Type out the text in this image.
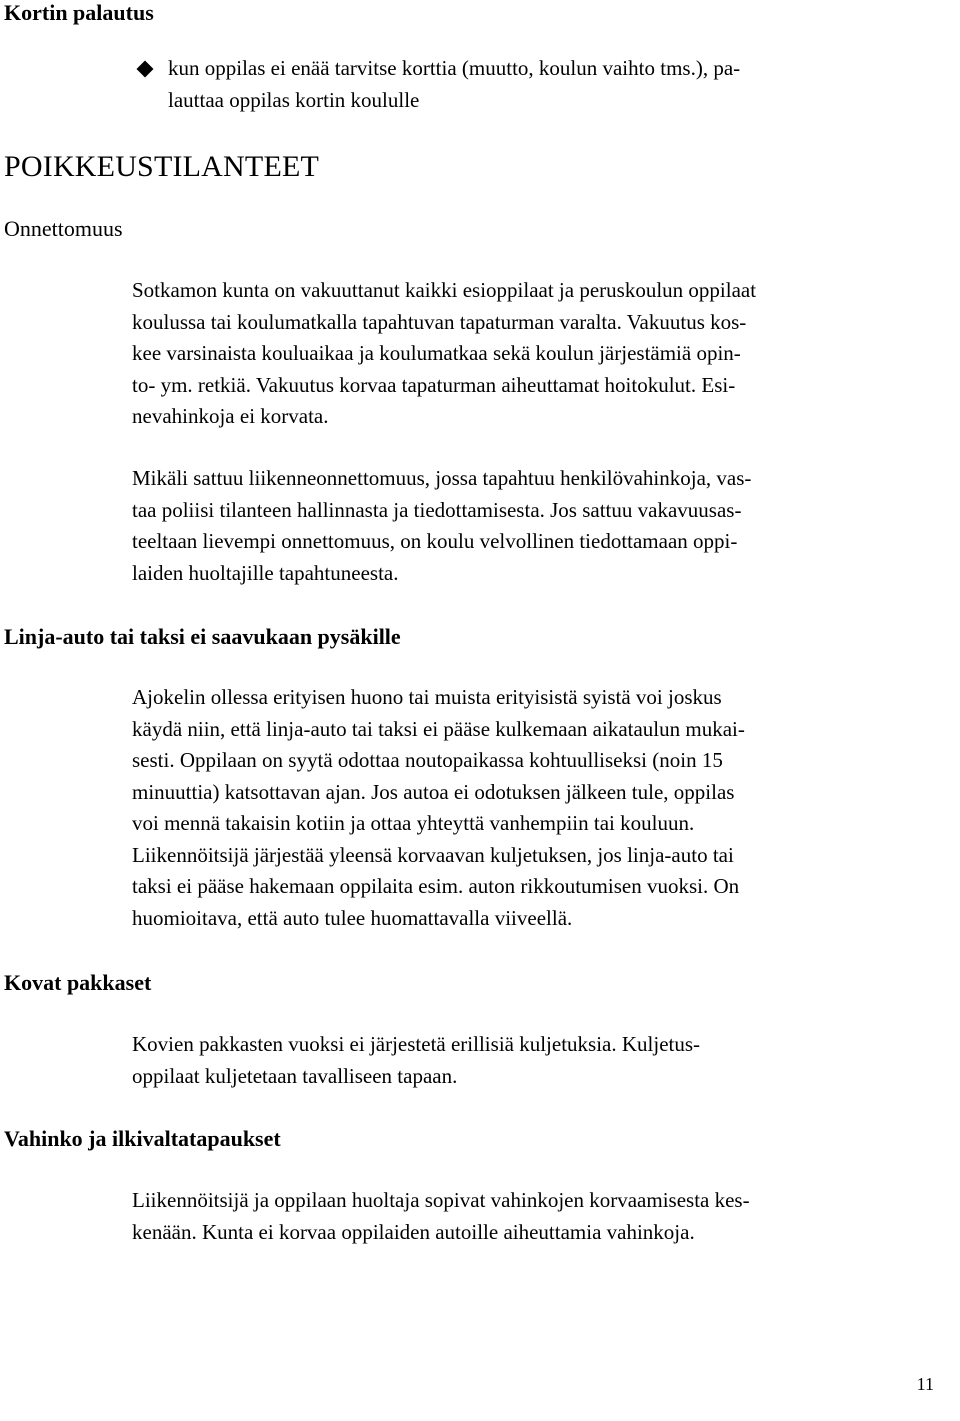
Kortin palautus
kun oppilas ei enää tarvitse korttia (muutto, koulun vaihto tms.), pa-
lauttaa oppilas kortin koululle
POIKKEUSTILANTEET
Onnettomuus
Sotkamon kunta on vakuuttanut kaikki esioppilaat ja peruskoulun oppilaat
koulussa tai koulumatkalla tapahtuvan tapaturman varalta. Vakuutus kos-
kee varsinaista kouluaikaa ja koulumatkaa sekä koulun järjestämiä opin-
to- ym. retkiä. Vakuutus korvaa tapaturman aiheuttamat hoitokulut. Esi-
nevahinkoja ei korvata.
Mikäli sattuu liikenneonnettomuus, jossa tapahtuu henkilövahinkoja, vas-
taa poliisi tilanteen hallinnasta ja tiedottamisesta. Jos sattuu vakavuusas-
teeltaan lievempi onnettomuus, on koulu velvollinen tiedottamaan oppi-
laiden huoltajille tapahtuneesta.
Linja-auto tai taksi ei saavukaan pysäkille
Ajokelin ollessa erityisen huono tai muista erityisistä syistä voi joskus
käydä niin, että linja-auto tai taksi ei pääse kulkemaan aikataulun mukai-
sesti. Oppilaan on syytä odottaa noutopaikassa kohtuulliseksi (noin 15
minuuttia) katsottavan ajan. Jos autoa ei odotuksen jälkeen tule, oppilas
voi mennä takaisin kotiin ja ottaa yhteyttä vanhempiin tai kouluun.
Liikennöitsijä järjestää yleensä korvaavan kuljetuksen, jos linja-auto tai
taksi ei pääse hakemaan oppilaita esim. auton rikkoutumisen vuoksi. On
huomioitava, että auto tulee huomattavalla viiveellä.
Kovat pakkaset
Kovien pakkasten vuoksi ei järjestetä erillisiä kuljetuksia. Kuljetus-
oppilaat kuljetetaan tavalliseen tapaan.
Vahinko ja ilkivaltatapaukset
Liikennöitsijä ja oppilaan huoltaja sopivat vahinkojen korvaamisesta kes-
kenään. Kunta ei korvaa oppilaiden autoille aiheuttamia vahinkoja.
11
